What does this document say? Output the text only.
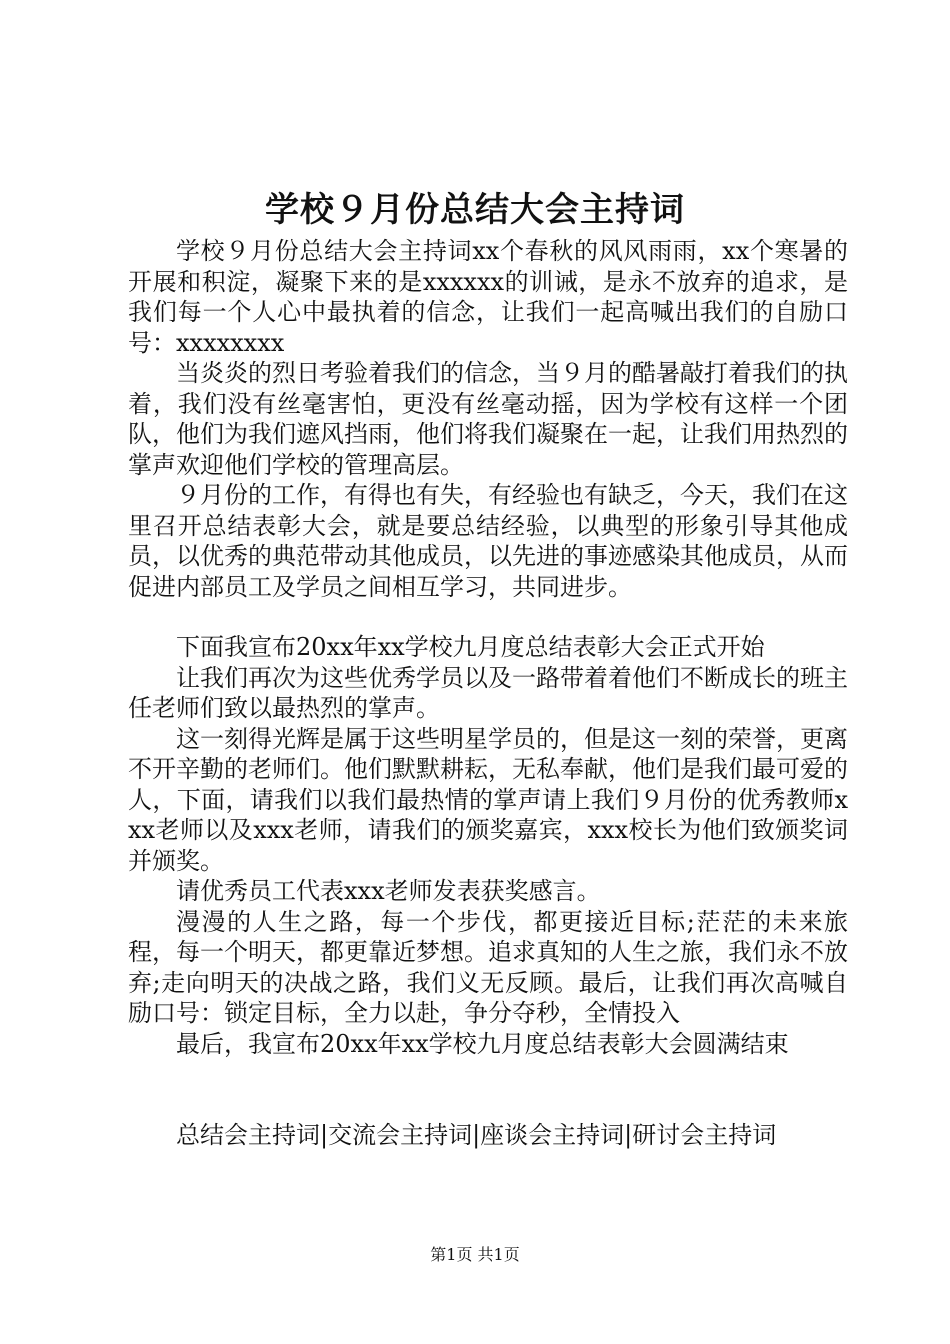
学校９月份总结大会主持词

学校９月份总结大会主持词xx个春秋的风风雨雨，xx个寒暑的开展和积淀，凝聚下来的是xxxxxx的训诫，是永不放弃的追求，是我们每一个人心中最执着的信念，让我们一起高喊出我们的自励口号：xxxxxxxx

当炎炎的烈日考验着我们的信念，当９月的酷暑敲打着我们的执着，我们没有丝毫害怕，更没有丝毫动摇，因为学校有这样一个团队，他们为我们遮风挡雨，他们将我们凝聚在一起，让我们用热烈的掌声欢迎他们学校的管理高层。

９月份的工作，有得也有失，有经验也有缺乏，今天，我们在这里召开总结表彰大会，就是要总结经验，以典型的形象引导其他成员，以优秀的典范带动其他成员，以先进的事迹感染其他成员，从而促进内部员工及学员之间相互学习，共同进步。

下面我宣布20xx年xx学校九月度总结表彰大会正式开始

让我们再次为这些优秀学员以及一路带着着他们不断成长的班主任老师们致以最热烈的掌声。

这一刻得光辉是属于这些明星学员的，但是这一刻的荣誉，更离不开辛勤的老师们。他们默默耕耘，无私奉献，他们是我们最可爱的人，下面，请我们以我们最热情的掌声请上我们９月份的优秀教师xxx老师以及xxx老师，请我们的颁奖嘉宾，xxx校长为他们致颁奖词并颁奖。

请优秀员工代表xxx老师发表获奖感言。

漫漫的人生之路，每一个步伐，都更接近目标;茫茫的未来旅程，每一个明天，都更靠近梦想。追求真知的人生之旅，我们永不放弃;走向明天的决战之路，我们义无反顾。最后，让我们再次高喊自励口号：锁定目标，全力以赴，争分夺秒，全情投入

最后，我宣布20xx年xx学校九月度总结表彰大会圆满结束

总结会主持词|交流会主持词|座谈会主持词|研讨会主持词

第1页 共1页
